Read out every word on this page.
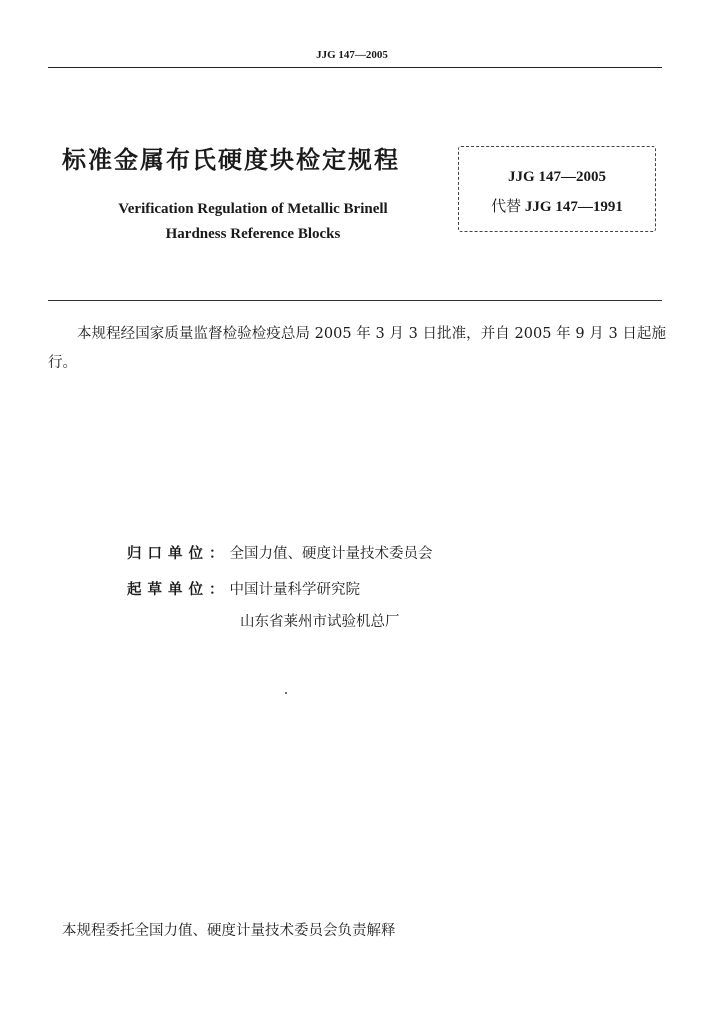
JJG 147—2005
标准金属布氏硬度块检定规程
Verification Regulation of Metallic Brinell
Hardness Reference Blocks
JJG 147—2005
代替 JJG 147—1991
本规程经国家质量监督检验检疫总局 2005 年 3 月 3 日批准，并自 2005 年 9 月 3 日起施行。
归口单位：全国力值、硬度计量技术委员会
起草单位：中国计量科学研究院
山东省莱州市试验机总厂
本规程委托全国力值、硬度计量技术委员会负责解释
